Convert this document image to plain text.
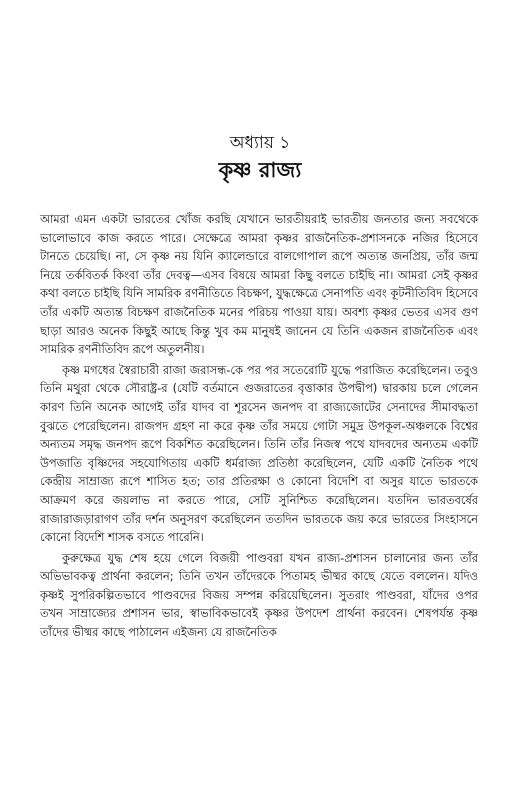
অধ্যায় ১

কৃষ্ণ রাজ্য

আমরা এমন একটা ভারতের খোঁজ করছি যেখানে ভারতীয়রাই ভারতীয় জনতার জন্য সবথেকে ভালোভাবে কাজ করতে পারে। সেক্ষেত্রে আমরা কৃষ্ণর রাজনৈতিক-প্রশাসনকে নজির হিসেবে টানতে চেয়েছি। না, সে কৃষ্ণ নয় যিনি ক্যালেন্ডারে বালগোপাল রূপে অত্যন্ত জনপ্রিয়, তাঁর জন্ম নিয়ে তর্কবিতর্ক কিংবা তাঁর দেবত্ব—এসব বিষয়ে আমরা কিছু বলতে চাইছি না। আমরা সেই কৃষ্ণর কথা বলতে চাইছি যিনি সামরিক রণনীতিতে বিচক্ষণ, যুদ্ধক্ষেত্রে সেনাপতি এবং কূটনীতিবিদ হিসেবে তাঁর একটি অত্যন্ত বিচক্ষণ রাজনৈতিক মনের পরিচয় পাওয়া যায়। অবশ্য কৃষ্ণর ভেতর এসব গুণ ছাড়া আরও অনেক কিছুই আছে কিন্তু খুব কম মানুষই জানেন যে তিনি একজন রাজনৈতিক এবং সামরিক রণনীতিবিদ রূপে অতুলনীয়।

কৃষ্ণ মগধের স্বৈরাচারী রাজা জরাসন্ধ-কে পর পর সতেরোটি যুদ্ধে পরাজিত করেছিলেন। তবুও তিনি মথুরা থেকে সৌরাষ্ট্র-র (যেটি বর্তমানে গুজরাতের বৃত্তাকার উপদ্বীপ) দ্বারকায় চলে গেলেন কারণ তিনি অনেক আগেই তাঁর যাদব বা শূরসেন জনপদ বা রাজ্যজোটের সেনাদের সীমাবদ্ধতা বুঝতে পেরেছিলেন। রাজপদ গ্রহণ না করে কৃষ্ণ তাঁর সময়ে গোটা সমুদ্র উপকূল-অঞ্চলকে বিশ্বের অন্যতম সমৃদ্ধ জনপদ রূপে বিকশিত করেছিলেন। তিনি তাঁর নিজস্ব পথে যাদবদের অন্যতম একটি উপজাতি বৃষ্ণিদের সহযোগিতায় একটি ধর্মরাজ্য প্রতিষ্ঠা করেছিলেন, যেটি একটি নৈতিক পথে কেন্দ্রীয় সাম্রাজ্য রূপে শাসিত হত; তার প্রতিরক্ষা ও কোনো বিদেশি বা অসুর যাতে ভারতকে আক্রমণ করে জয়লাভ না করতে পারে, সেটি সুনিশ্চিত করেছিলেন। যতদিন ভারতবর্ষের রাজারাজড়ারাগণ তাঁর দর্শন অনুসরণ করেছিলেন ততদিন ভারতকে জয় করে ভারতের সিংহাসনে কোনো বিদেশি শাসক বসতে পারেনি।

কুরুক্ষেত্র যুদ্ধ শেষ হয়ে গেলে বিজয়ী পাণ্ডবরা যখন রাজ্য-প্রশাসন চালানোর জন্য তাঁর অভিভাবকত্ব প্রার্থনা করলেন; তিনি তখন তাঁদেরকে পিতামহ ভীষ্মর কাছে যেতে বললেন। যদিও কৃষ্ণই সুপরিকল্পিতভাবে পাণ্ডবদের বিজয় সম্পন্ন করিয়েছিলেন। সুতরাং পাণ্ডবরা, যাঁদের ওপর তখন সাম্রাজ্যের প্রশাসন ভার, স্বাভাবিকভাবেই কৃষ্ণর উপদেশ প্রার্থনা করবেন। শেষপর্যন্ত কৃষ্ণ তাঁদের ভীষ্মর কাছে পাঠালেন এইজন্য যে রাজনৈতিক
